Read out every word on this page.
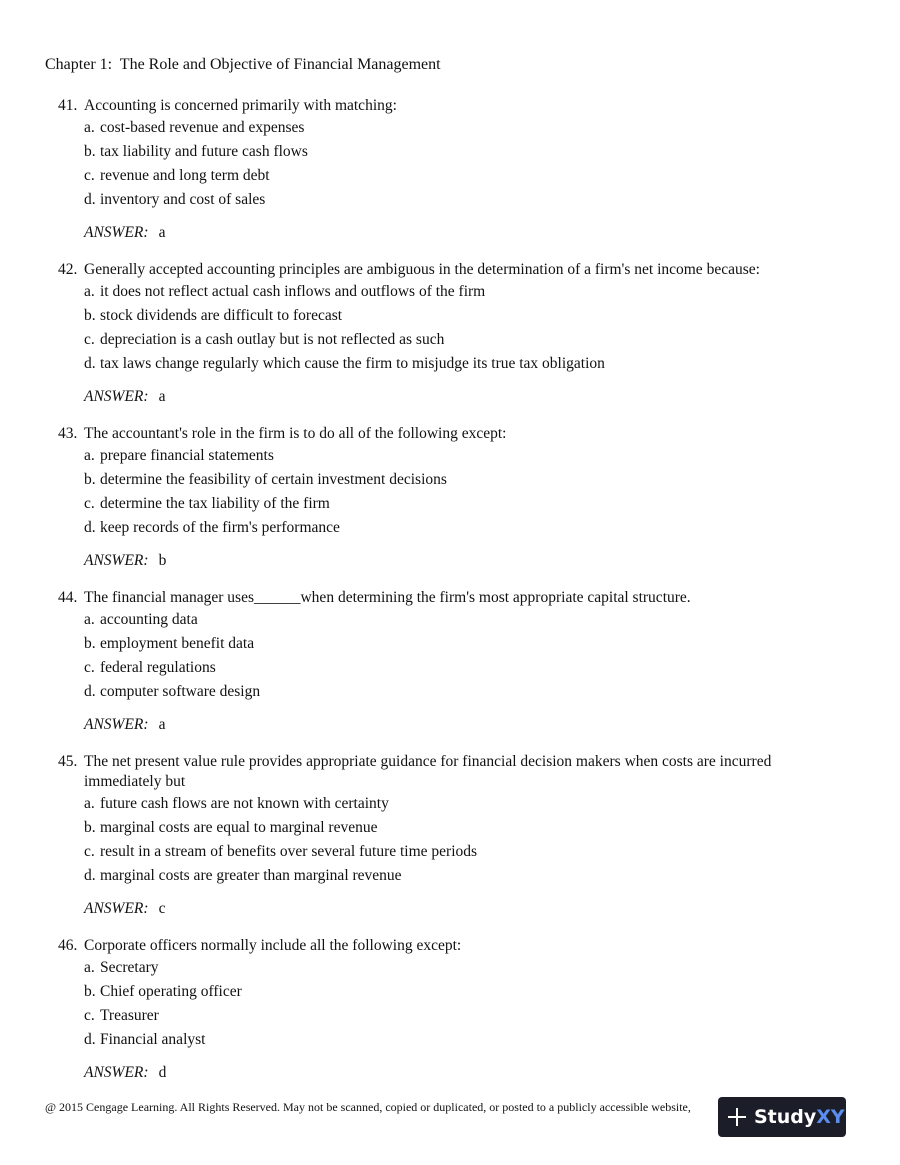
Chapter 1:  The Role and Objective of Financial Management
41. Accounting is concerned primarily with matching:
a. cost-based revenue and expenses
b. tax liability and future cash flows
c. revenue and long term debt
d. inventory and cost of sales
ANSWER: a
42. Generally accepted accounting principles are ambiguous in the determination of a firm's net income because:
a. it does not reflect actual cash inflows and outflows of the firm
b. stock dividends are difficult to forecast
c. depreciation is a cash outlay but is not reflected as such
d. tax laws change regularly which cause the firm to misjudge its true tax obligation
ANSWER: a
43. The accountant's role in the firm is to do all of the following except:
a. prepare financial statements
b. determine the feasibility of certain investment decisions
c. determine the tax liability of the firm
d. keep records of the firm's performance
ANSWER: b
44. The financial manager uses______when determining the firm's most appropriate capital structure.
a. accounting data
b. employment benefit data
c. federal regulations
d. computer software design
ANSWER: a
45. The net present value rule provides appropriate guidance for financial decision makers when costs are incurred immediately but
a. future cash flows are not known with certainty
b. marginal costs are equal to marginal revenue
c. result in a stream of benefits over several future time periods
d. marginal costs are greater than marginal revenue
ANSWER: c
46. Corporate officers normally include all the following except:
a. Secretary
b. Chief operating officer
c. Treasurer
d. Financial analyst
ANSWER: d
@ 2015 Cengage Learning. All Rights Reserved. May not be scanned, copied or duplicated, or posted to a publicly accessible website,	Study XY
